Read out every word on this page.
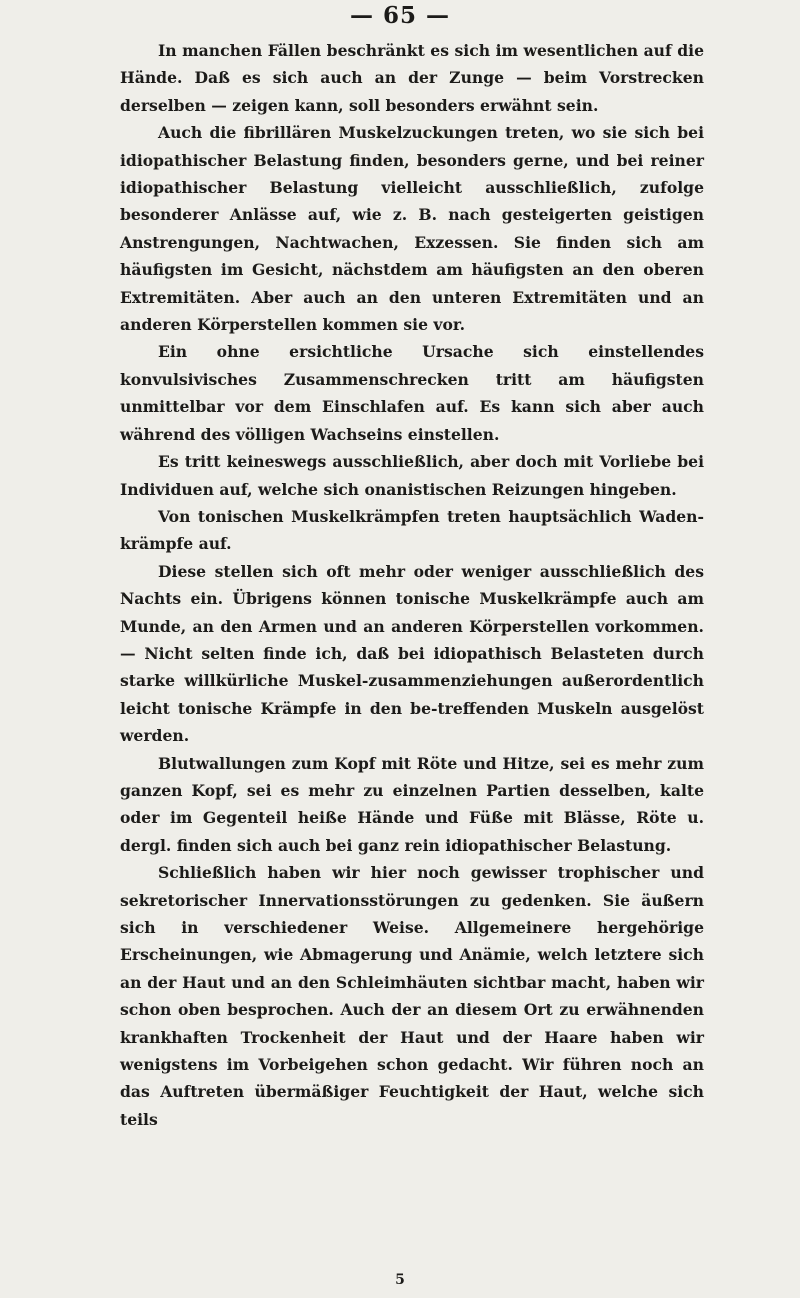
— 65 —

In manchen Fällen beschränkt es sich im wesentlichen auf die Hände. Daß es sich auch an der Zunge — beim Vorstrecken derselben — zeigen kann, soll besonders erwähnt sein.

Auch die fibrillären Muskelzuckungen treten, wo sie sich bei idiopathischer Belastung finden, besonders gerne, und bei reiner idiopathischer Belastung vielleicht ausschließlich, zufolge besonderer Anlässe auf, wie z. B. nach gesteigerten geistigen Anstrengungen, Nachtwachen, Exzessen. Sie finden sich am häufigsten im Gesicht, nächstdem am häufigsten an den oberen Extremitäten. Aber auch an den unteren Extremitäten und an anderen Körperstellen kommen sie vor.

Ein ohne ersichtliche Ursache sich einstellendes konvulsivisches Zusammenschrecken tritt am häufigsten unmittelbar vor dem Einschlafen auf. Es kann sich aber auch während des völligen Wachseins einstellen.

Es tritt keineswegs ausschließlich, aber doch mit Vorliebe bei Individuen auf, welche sich onanistischen Reizungen hingeben.

Von tonischen Muskelkrämpfen treten hauptsächlich Waden-krämpfe auf.

Diese stellen sich oft mehr oder weniger ausschließlich des Nachts ein. Übrigens können tonische Muskelkrämpfe auch am Munde, an den Armen und an anderen Körperstellen vorkommen. — Nicht selten finde ich, daß bei idiopathisch Belasteten durch starke willkürliche Muskel-zusammenziehungen außerordentlich leicht tonische Krämpfe in den be-treffenden Muskeln ausgelöst werden.

Blutwallungen zum Kopf mit Röte und Hitze, sei es mehr zum ganzen Kopf, sei es mehr zu einzelnen Partien desselben, kalte oder im Gegenteil heiße Hände und Füße mit Blässe, Röte u. dergl. finden sich auch bei ganz rein idiopathischer Belastung.

Schließlich haben wir hier noch gewisser trophischer und sekretorischer Innervationsstörungen zu gedenken. Sie äußern sich in verschiedener Weise. Allgemeinere hergehörige Erscheinungen, wie Abmagerung und Anämie, welch letztere sich an der Haut und an den Schleimhäuten sichtbar macht, haben wir schon oben besprochen. Auch der an diesem Ort zu erwähnenden krankhaften Trockenheit der Haut und der Haare haben wir wenigstens im Vorbeigehen schon gedacht. Wir führen noch an das Auftreten übermäßiger Feuchtigkeit der Haut, welche sich teils

5
